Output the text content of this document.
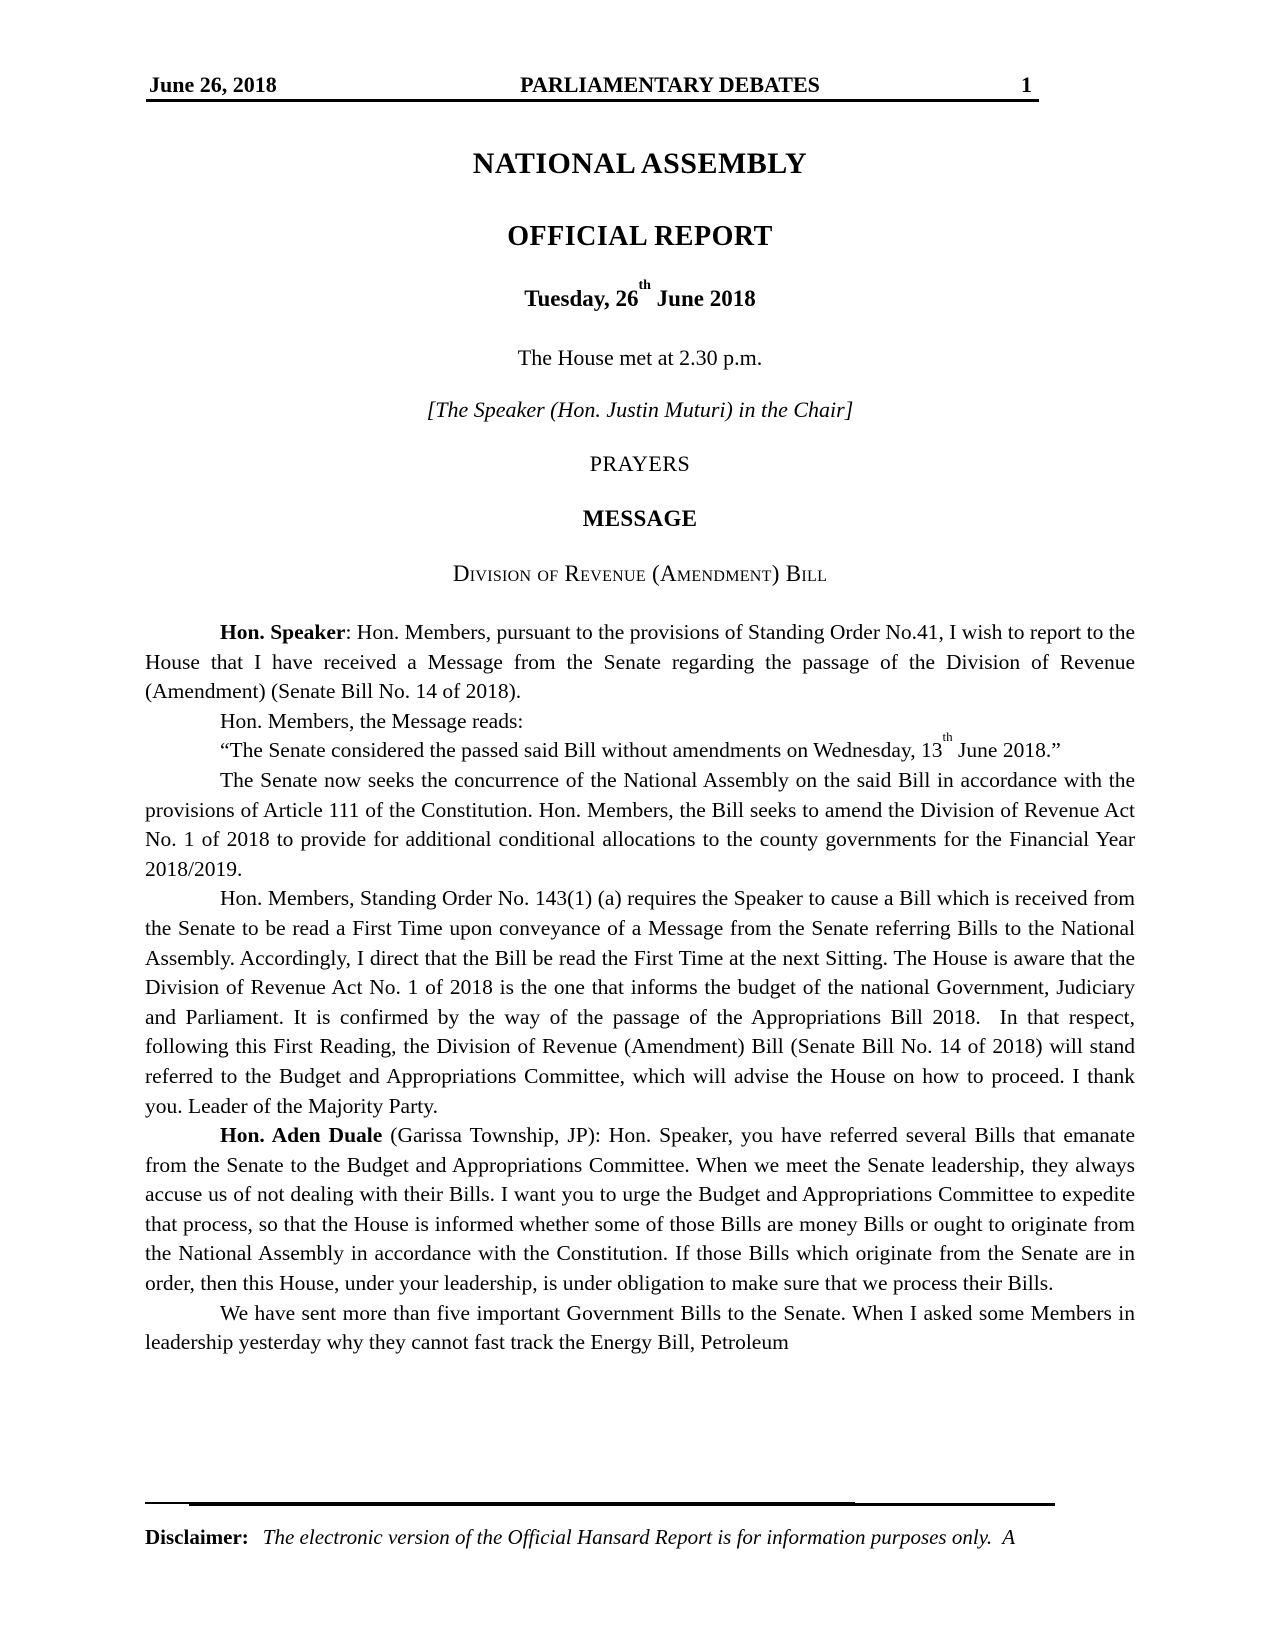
June 26, 2018	PARLIAMENTARY DEBATES	1
NATIONAL ASSEMBLY
OFFICIAL REPORT
Tuesday, 26th June 2018

The House met at 2.30 p.m.

[The Speaker (Hon. Justin Muturi) in the Chair]

PRAYERS

MESSAGE

Division of Revenue (Amendment) Bill

Hon. Speaker: Hon. Members, pursuant to the provisions of Standing Order No.41, I wish to report to the House that I have received a Message from the Senate regarding the passage of the Division of Revenue (Amendment) (Senate Bill No. 14 of 2018).

Hon. Members, the Message reads:

“The Senate considered the passed said Bill without amendments on Wednesday, 13th June 2018.”

The Senate now seeks the concurrence of the National Assembly on the said Bill in accordance with the provisions of Article 111 of the Constitution. Hon. Members, the Bill seeks to amend the Division of Revenue Act No. 1 of 2018 to provide for additional conditional allocations to the county governments for the Financial Year 2018/2019.

Hon. Members, Standing Order No. 143(1) (a) requires the Speaker to cause a Bill which is received from the Senate to be read a First Time upon conveyance of a Message from the Senate referring Bills to the National Assembly. Accordingly, I direct that the Bill be read the First Time at the next Sitting. The House is aware that the Division of Revenue Act No. 1 of 2018 is the one that informs the budget of the national Government, Judiciary and Parliament. It is confirmed by the way of the passage of the Appropriations Bill 2018.  In that respect, following this First Reading, the Division of Revenue (Amendment) Bill (Senate Bill No. 14 of 2018) will stand referred to the Budget and Appropriations Committee, which will advise the House on how to proceed. I thank you. Leader of the Majority Party.

Hon. Aden Duale (Garissa Township, JP): Hon. Speaker, you have referred several Bills that emanate from the Senate to the Budget and Appropriations Committee. When we meet the Senate leadership, they always accuse us of not dealing with their Bills. I want you to urge the Budget and Appropriations Committee to expedite that process, so that the House is informed whether some of those Bills are money Bills or ought to originate from the National Assembly in accordance with the Constitution. If those Bills which originate from the Senate are in order, then this House, under your leadership, is under obligation to make sure that we process their Bills.

We have sent more than five important Government Bills to the Senate. When I asked some Members in leadership yesterday why they cannot fast track the Energy Bill, Petroleum

Disclaimer: The electronic version of the Official Hansard Report is for information purposes only.  A
